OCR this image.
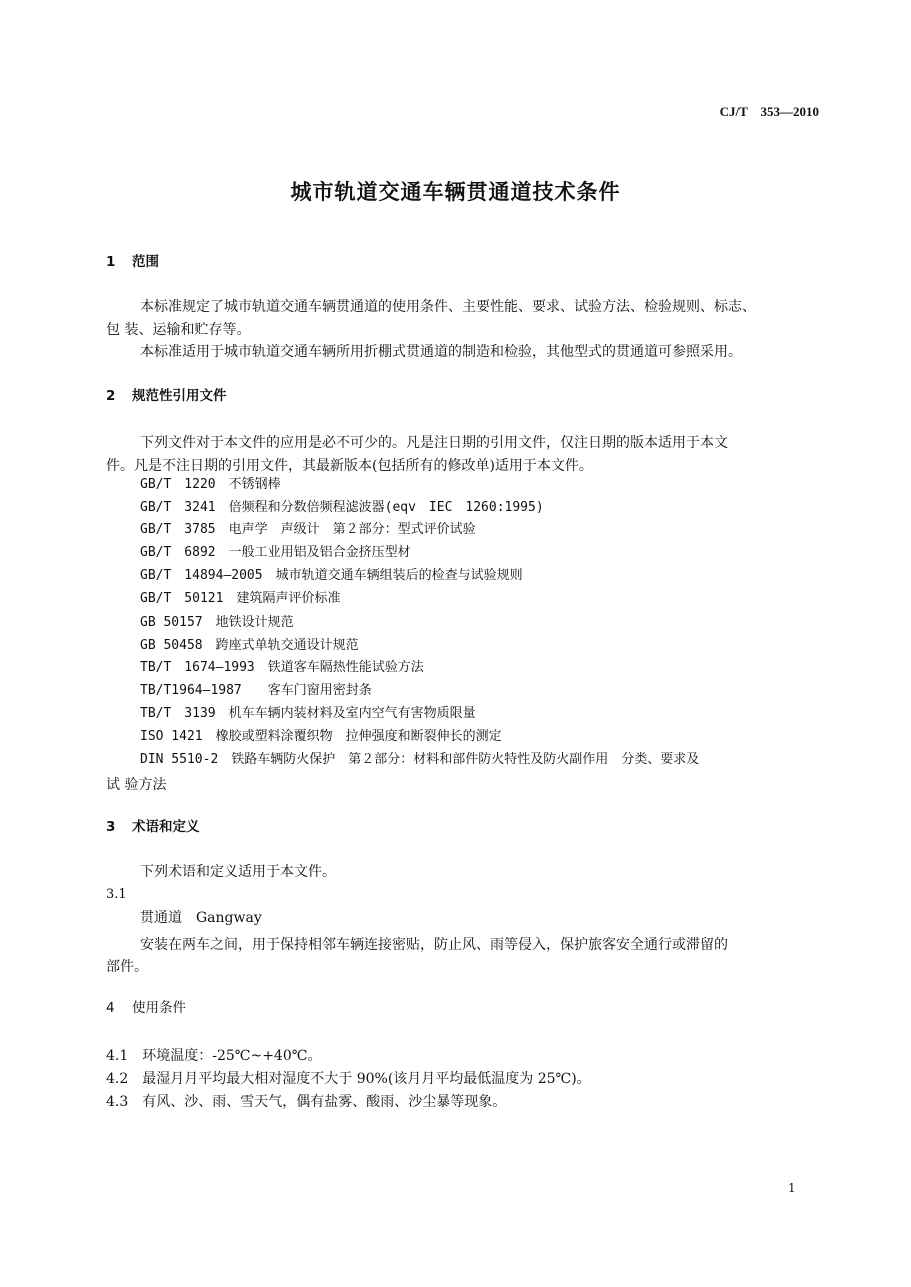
CJ/T　353—2010
城市轨道交通车辆贯通道技术条件
1 范围
本标准规定了城市轨道交通车辆贯通道的使用条件、主要性能、要求、试验方法、检验规则、标志、
包 装、运输和贮存等。
本标准适用于城市轨道交通车辆所用折棚式贯通道的制造和检验，其他型式的贯通道可参照采用。
2 规范性引用文件
下列文件对于本文件的应用是必不可少的。凡是注日期的引用文件，仅注日期的版本适用于本文
件。凡是不注日期的引用文件，其最新版本(包括所有的修改单)适用于本文件。
GB/T　1220　不锈钢棒
GB/T　3241　倍频程和分数倍频程滤波器(eqv　IEC　1260:1995)
GB/T　3785　电声学　声级计　第２部分：型式评价试验
GB/T　6892　一般工业用铝及铝合金挤压型材
GB/T　14894—2005　城市轨道交通车辆组装后的检查与试验规则
GB/T　50121　建筑隔声评价标准
GB 50157　地铁设计规范
GB 50458　跨座式单轨交通设计规范
TB/T　1674—1993　铁道客车隔热性能试验方法
TB/T1964—1987　　客车门窗用密封条
TB/T　3139　机车车辆内装材料及室内空气有害物质限量
ISO 1421　橡胶或塑料涂覆织物　拉伸强度和断裂伸长的测定
DIN 5510-2　铁路车辆防火保护　第２部分：材料和部件防火特性及防火副作用　分类、要求及
试 验方法
3 术语和定义
下列术语和定义适用于本文件。
3.1
贯通道　Gangway
安装在两车之间，用于保持相邻车辆连接密贴，防止风、雨等侵入，保护旅客安全通行或滞留的
部件。
4 使用条件
4.1　环境温度：-25℃~+40℃。
4.2　最湿月月平均最大相对湿度不大于 90%(该月月平均最低温度为 25℃)。
4.3　有风、沙、雨、雪天气，偶有盐雾、酸雨、沙尘暴等现象。
1
